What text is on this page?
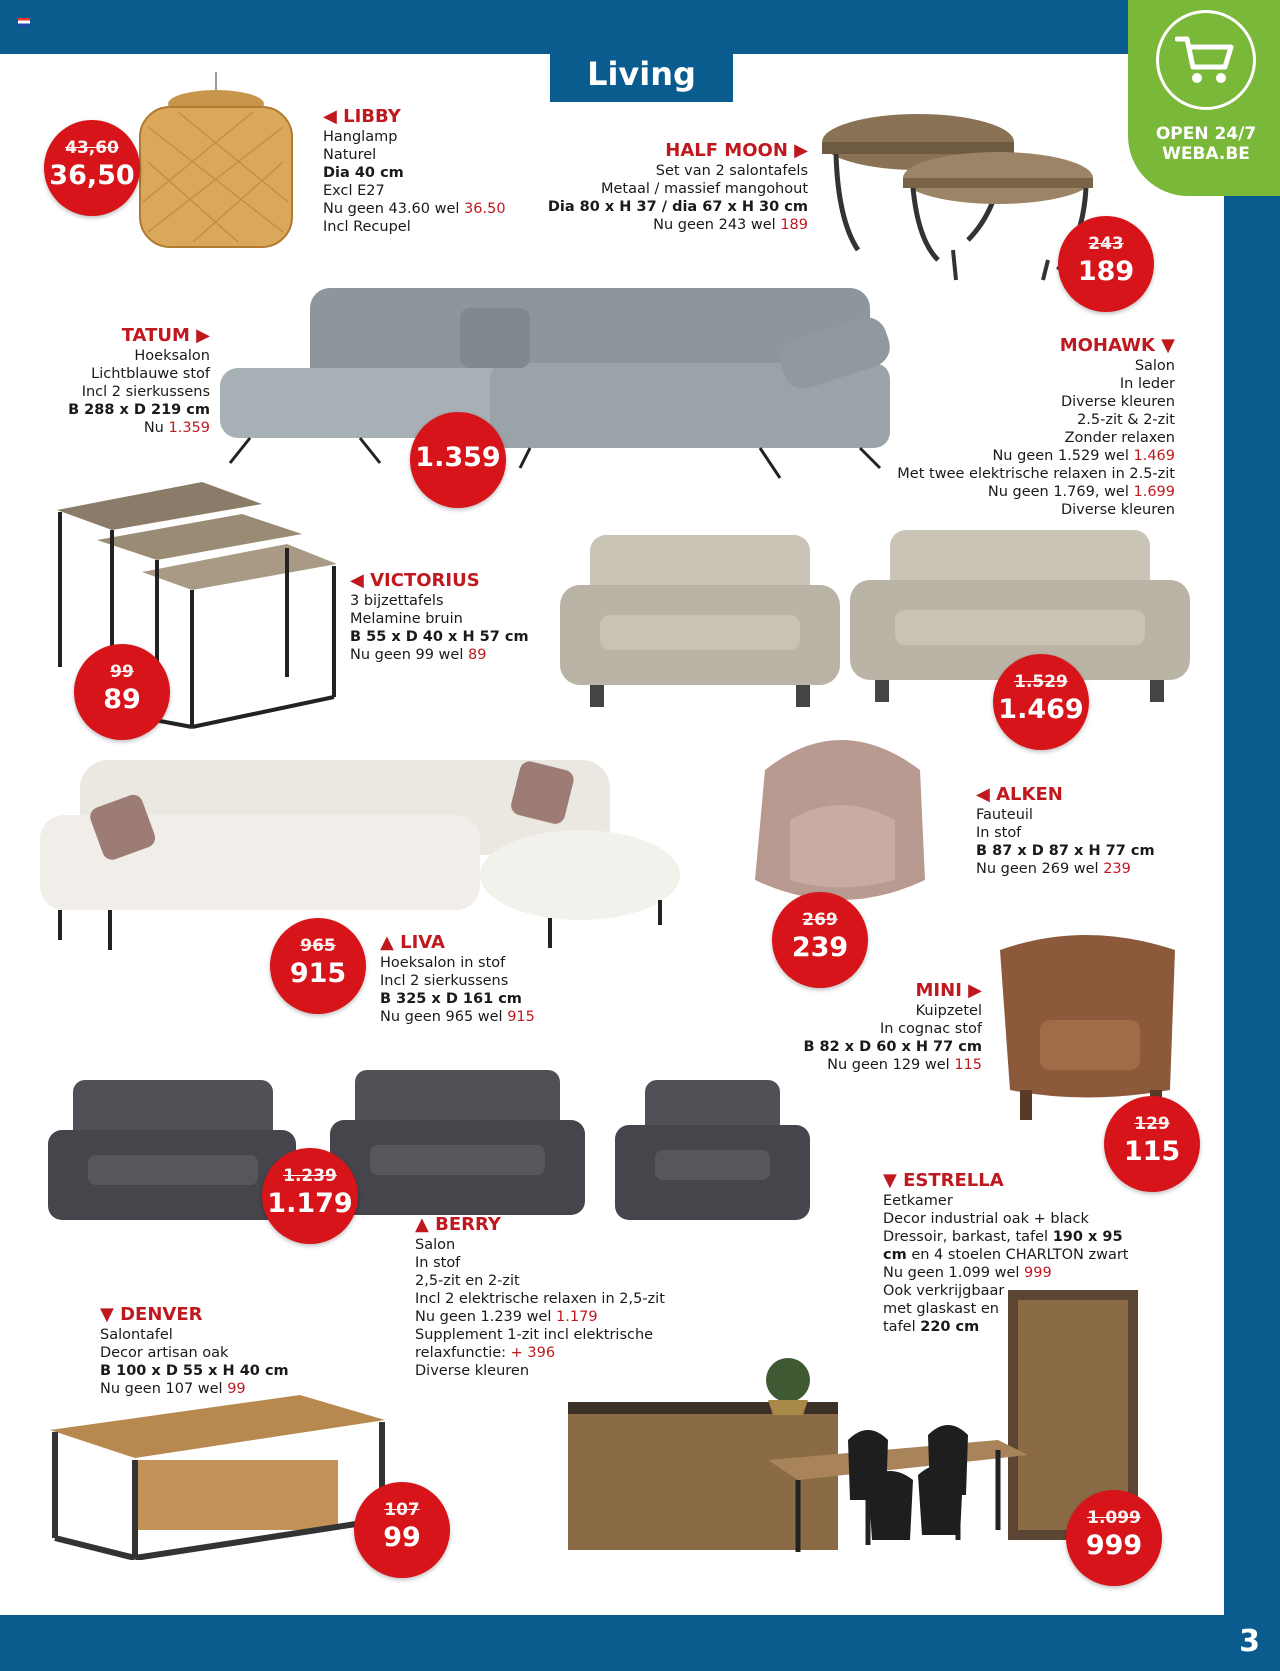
3
Living
OPEN 24/7
WEBA.BE
◀ LIBBY
Hanglamp
Naturel
Dia 40 cm
Excl E27
Nu geen 43.60 wel 36.50
Incl Recupel
HALF MOON ▶
Set van 2 salontafels
Metaal / massief mangohout
Dia 80 x H 37 / dia 67 x H 30 cm
Nu geen 243 wel 189
TATUM ▶
Hoeksalon
Lichtblauwe stof
Incl 2 sierkussens
B 288 x D 219 cm
Nu 1.359
MOHAWK ▼
Salon
In leder
Diverse kleuren
2.5-zit & 2-zit
Zonder relaxen
Nu geen 1.529 wel 1.469
Met twee elektrische relaxen in 2.5-zit
Nu geen 1.769, wel 1.699
Diverse kleuren
◀ VICTORIUS
3 bijzettafels
Melamine bruin
B 55 x D 40 x H 57 cm
Nu geen 99 wel 89
◀ ALKEN
Fauteuil
In stof
B 87 x D 87 x H 77 cm
Nu geen 269 wel 239
▲ LIVA
Hoeksalon in stof
Incl 2 sierkussens
B 325 x D 161 cm
Nu geen 965 wel 915
MINI ▶
Kuipzetel
In cognac stof
B 82 x D 60 x H 77 cm
Nu geen 129 wel 115
▲ BERRY
Salon
In stof
2,5-zit en 2-zit
Incl 2 elektrische relaxen in 2,5-zit
Nu geen 1.239 wel 1.179
Supplement 1-zit incl elektrische
relaxfunctie: + 396
Diverse kleuren
▼ ESTRELLA
Eetkamer
Decor industrial oak + black
Dressoir, barkast, tafel 190 x 95
cm en 4 stoelen CHARLTON zwart
Nu geen 1.099 wel 999
Ook verkrijgbaar
met glaskast en
tafel 220 cm
▼ DENVER
Salontafel
Decor artisan oak
B 100 x D 55 x H 40 cm
Nu geen 107 wel 99
43,60
36,50
243
189
1.359
99
89
1.529
1.469
269
239
965
915
129
115
1.239
1.179
107
99
1.099
999
